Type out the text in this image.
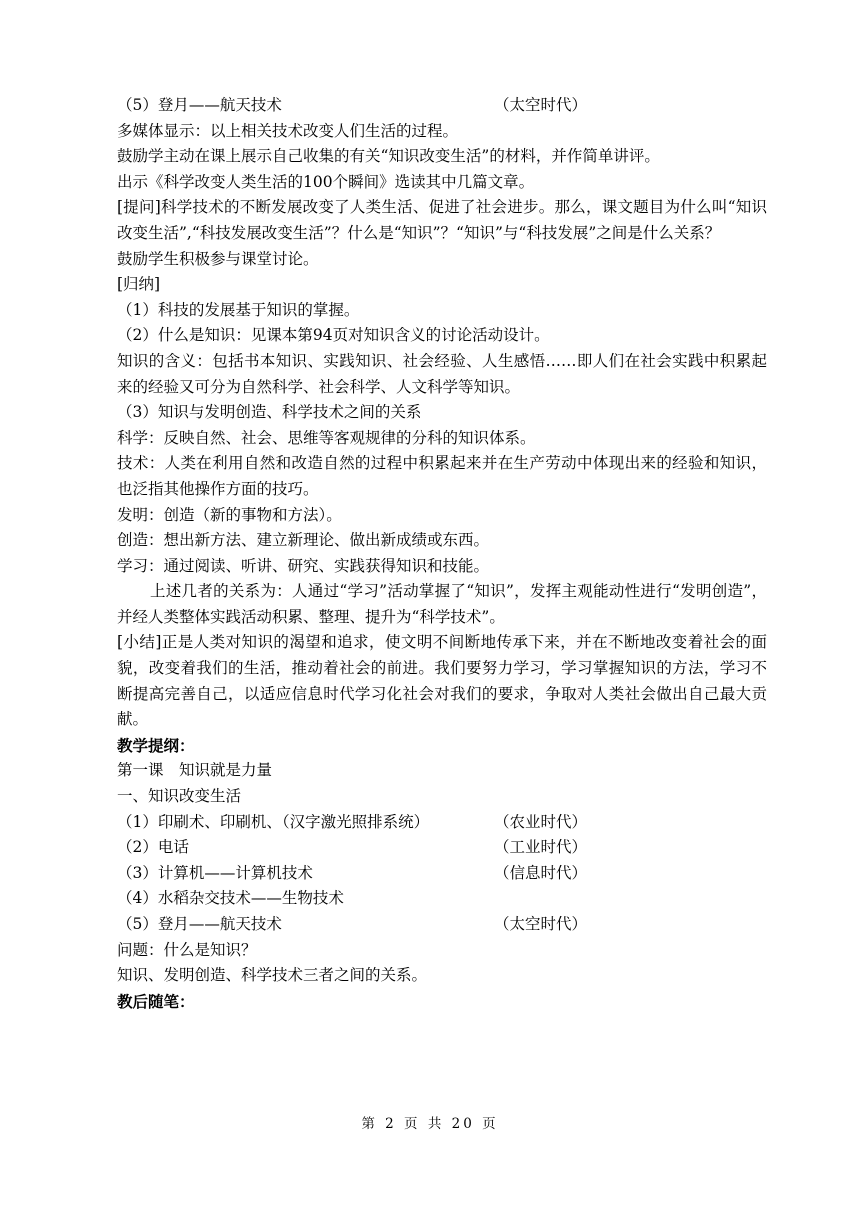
（5）登月——航天技术	（太空时代）
多媒体显示：以上相关技术改变人们生活的过程。
鼓励学主动在课上展示自己收集的有关“知识改变生活”的材料，并作简单讲评。
出示《科学改变人类生活的100个瞬间》选读其中几篇文章。
[提问]科学技术的不断发展改变了人类生活、促进了社会进步。那么，课文题目为什么叫“知识改变生活”,“科技发展改变生活”？什么是“知识”？“知识”与“科技发展”之间是什么关系？
鼓励学生积极参与课堂讨论。
[归纳]
（1）科技的发展基于知识的掌握。
（2）什么是知识：见课本第94页对知识含义的讨论活动设计。
知识的含义：包括书本知识、实践知识、社会经验、人生感悟……即人们在社会实践中积累起来的经验又可分为自然科学、社会科学、人文科学等知识。
（3）知识与发明创造、科学技术之间的关系
科学：反映自然、社会、思维等客观规律的分科的知识体系。
技术：人类在利用自然和改造自然的过程中积累起来并在生产劳动中体现出来的经验和知识，也泛指其他操作方面的技巧。
发明：创造（新的事物和方法）。
创造：想出新方法、建立新理论、做出新成绩或东西。
学习：通过阅读、听讲、研究、实践获得知识和技能。
上述几者的关系为：人通过“学习”活动掌握了“知识”，发挥主观能动性进行“发明创造”，并经人类整体实践活动积累、整理、提升为“科学技术”。
[小结]正是人类对知识的渴望和追求，使文明不间断地传承下来，并在不断地改变着社会的面貌，改变着我们的生活，推动着社会的前进。我们要努力学习，学习掌握知识的方法，学习不断提高完善自己，以适应信息时代学习化社会对我们的要求，争取对人类社会做出自己最大贡献。
教学提纲：
第一课　知识就是力量
一、知识改变生活
（1）印刷术、印刷机、（汉字激光照排系统）	（农业时代）
（2）电话	（工业时代）
（3）计算机——计算机技术	（信息时代）
（4）水稻杂交技术——生物技术
（5）登月——航天技术	（太空时代）
问题：什么是知识？
知识、发明创造、科学技术三者之间的关系。
教后随笔：
第 2 页 共 20 页
